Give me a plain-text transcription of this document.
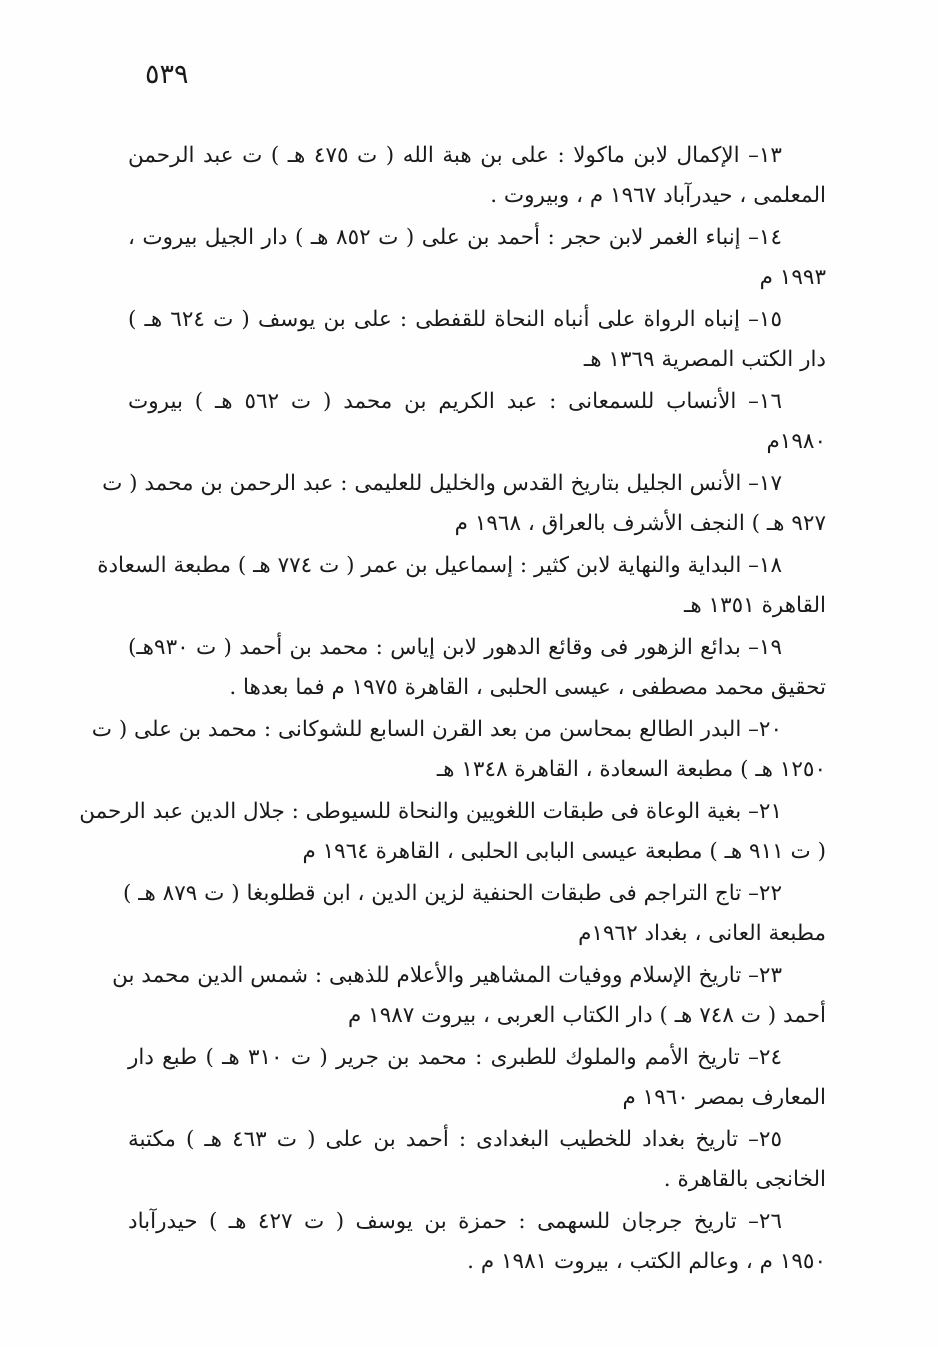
٥٣٩
١٣– الإكمال لابن ماكولا : على بن هبة الله ( ت ٤٧٥ هـ ) ت عبد الرحمن
المعلمى ، حيدرآباد ١٩٦٧ م ، وبيروت .
١٤– إنباء الغمر لابن حجر : أحمد بن على ( ت ٨٥٢ هـ ) دار الجيل بيروت ،
١٩٩٣ م
١٥– إنباه الرواة على أنباه النحاة للقفطى : على بن يوسف ( ت ٦٢٤ هـ )
دار الكتب المصرية ١٣٦٩ هـ
١٦– الأنساب للسمعانى : عبد الكريم بن محمد ( ت ٥٦٢ هـ ) بيروت
١٩٨٠م
١٧– الأنس الجليل بتاريخ القدس والخليل للعليمى : عبد الرحمن بن محمد ( ت
٩٢٧ هـ ) النجف الأشرف بالعراق ، ١٩٦٨ م
١٨– البداية والنهاية لابن كثير : إسماعيل بن عمر ( ت ٧٧٤ هـ ) مطبعة السعادة
القاهرة ١٣٥١ هـ
١٩– بدائع الزهور فى وقائع الدهور لابن إياس : محمد بن أحمد ( ت ٩٣٠هـ)
تحقيق محمد مصطفى ، عيسى الحلبى ، القاهرة ١٩٧٥ م فما بعدها .
٢٠– البدر الطالع بمحاسن من بعد القرن السابع للشوكانى : محمد بن على ( ت
١٢٥٠ هـ ) مطبعة السعادة ، القاهرة ١٣٤٨ هـ
٢١– بغية الوعاة فى طبقات اللغويين والنحاة للسيوطى : جلال الدين عبد الرحمن
( ت ٩١١ هـ ) مطبعة عيسى البابى الحلبى ، القاهرة ١٩٦٤ م
٢٢– تاج التراجم فى طبقات الحنفية لزين الدين ، ابن قطلوبغا ( ت ٨٧٩ هـ )
مطبعة العانى ، بغداد ١٩٦٢م
٢٣– تاريخ الإسلام ووفيات المشاهير والأعلام للذهبى : شمس الدين محمد بن
أحمد ( ت ٧٤٨ هـ ) دار الكتاب العربى ، بيروت ١٩٨٧ م
٢٤– تاريخ الأمم والملوك للطبرى : محمد بن جرير ( ت ٣١٠ هـ ) طبع دار
المعارف بمصر ١٩٦٠ م
٢٥– تاريخ بغداد للخطيب البغدادى : أحمد بن على ( ت ٤٦٣ هـ ) مكتبة
الخانجى بالقاهرة .
٢٦– تاريخ جرجان للسهمى : حمزة بن يوسف ( ت ٤٢٧ هـ ) حيدرآباد
١٩٥٠ م ، وعالم الكتب ، بيروت ١٩٨١ م .
